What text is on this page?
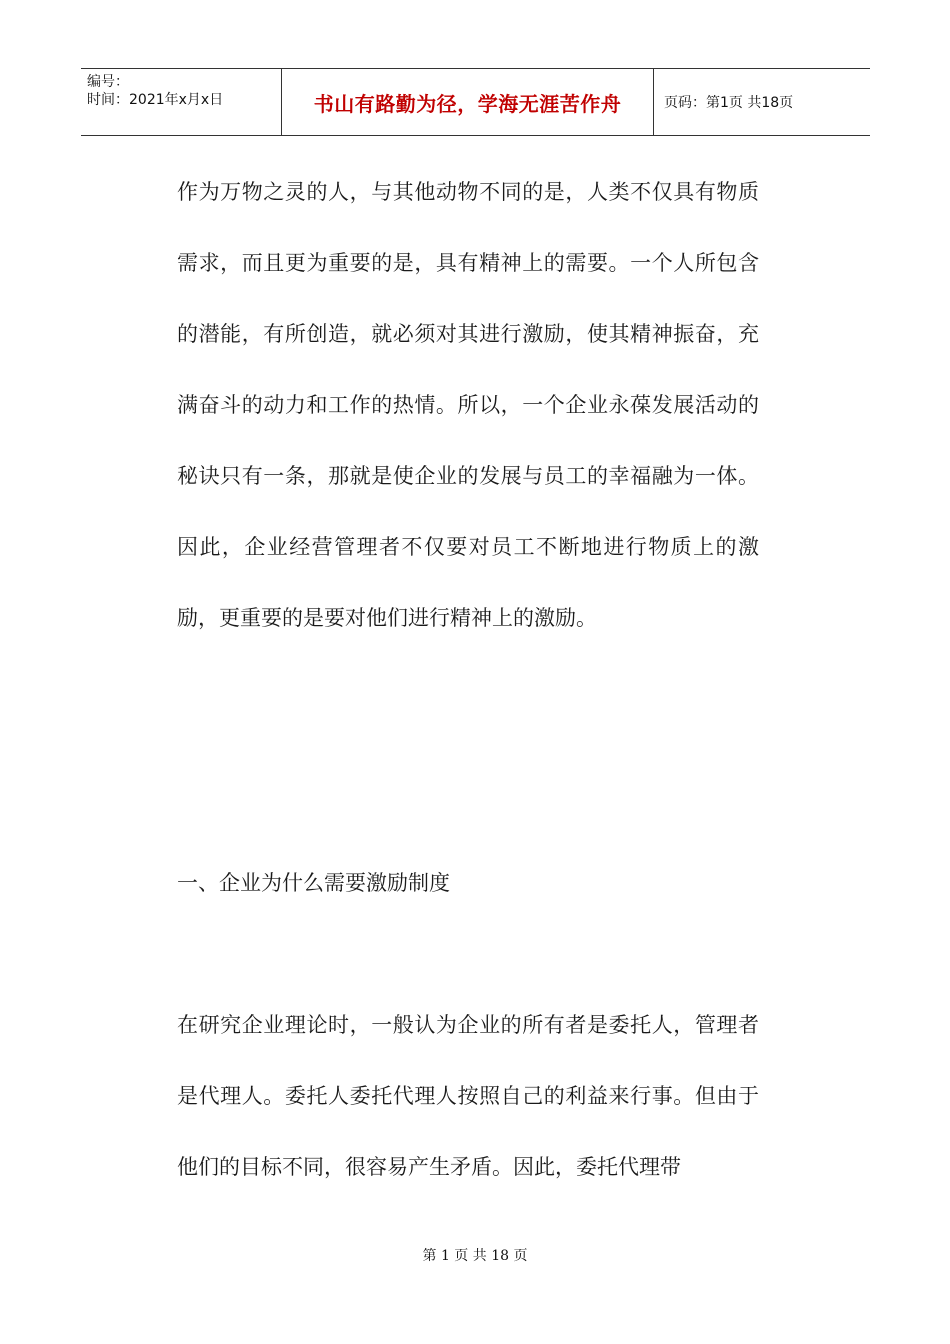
编号：
时间：2021年x月x日	书山有路勤为径，学海无涯苦作舟	页码：第1页 共18页
作为万物之灵的人，与其他动物不同的是，人类不仅具有物质需求，而且更为重要的是，具有精神上的需要。一个人所包含的潜能，有所创造，就必须对其进行激励，使其精神振奋，充满奋斗的动力和工作的热情。所以，一个企业永葆发展活动的秘诀只有一条，那就是使企业的发展与员工的幸福融为一体。因此，企业经营管理者不仅要对员工不断地进行物质上的激励，更重要的是要对他们进行精神上的激励。
一、企业为什么需要激励制度
在研究企业理论时，一般认为企业的所有者是委托人，管理者是代理人。委托人委托代理人按照自己的利益来行事。但由于他们的目标不同，很容易产生矛盾。因此，委托代理带
第 1 页 共 18 页
